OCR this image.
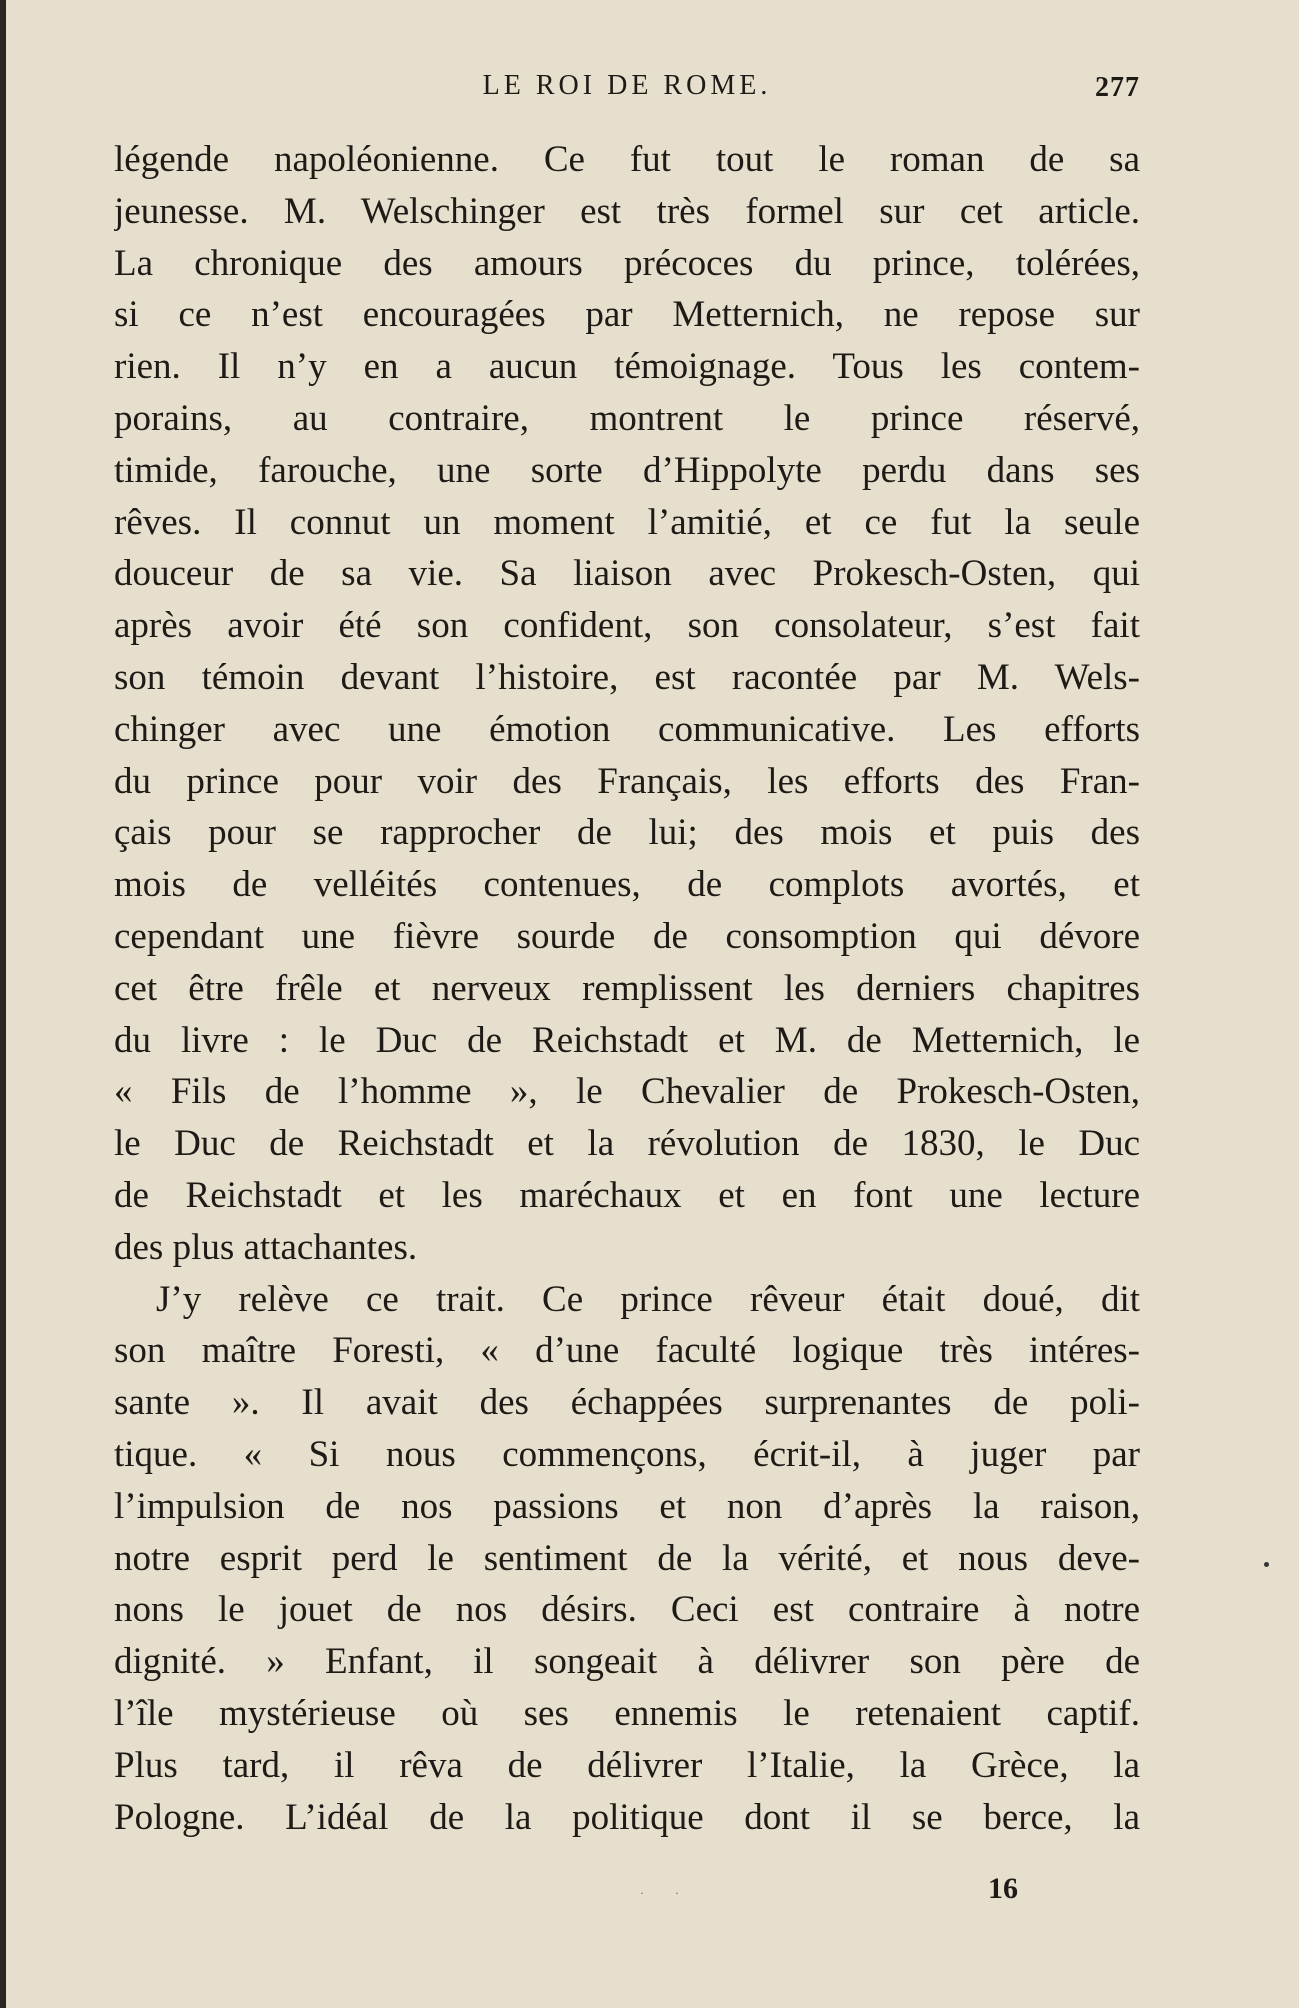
LE ROI DE ROME.	277
légende napoléonienne. Ce fut tout le roman de sa
jeunesse. M. Welschinger est très formel sur cet article.
La chronique des amours précoces du prince, tolérées,
si ce n’est encouragées par Metternich, ne repose sur
rien. Il n’y en a aucun témoignage. Tous les contem-
porains, au contraire, montrent le prince réservé,
timide, farouche, une sorte d’Hippolyte perdu dans ses
rêves. Il connut un moment l’amitié, et ce fut la seule
douceur de sa vie. Sa liaison avec Prokesch-Osten, qui
après avoir été son confident, son consolateur, s’est fait
son témoin devant l’histoire, est racontée par M. Wels-
chinger avec une émotion communicative. Les efforts
du prince pour voir des Français, les efforts des Fran-
çais pour se rapprocher de lui; des mois et puis des
mois de velléités contenues, de complots avortés, et
cependant une fièvre sourde de consomption qui dévore
cet être frêle et nerveux remplissent les derniers chapitres
du livre : le Duc de Reichstadt et M. de Metternich, le
« Fils de l’homme », le Chevalier de Prokesch-Osten,
le Duc de Reichstadt et la révolution de 1830, le Duc
de Reichstadt et les maréchaux et en font une lecture
des plus attachantes.
J’y relève ce trait. Ce prince rêveur était doué, dit
son maître Foresti, « d’une faculté logique très intéres-
sante ». Il avait des échappées surprenantes de poli-
tique. « Si nous commençons, écrit-il, à juger par
l’impulsion de nos passions et non d’après la raison,
notre esprit perd le sentiment de la vérité, et nous deve-
nons le jouet de nos désirs. Ceci est contraire à notre
dignité. » Enfant, il songeait à délivrer son père de
l’île mystérieuse où ses ennemis le retenaient captif.
Plus tard, il rêva de délivrer l’Italie, la Grèce, la
Pologne. L’idéal de la politique dont il se berce, la
· ·	16
